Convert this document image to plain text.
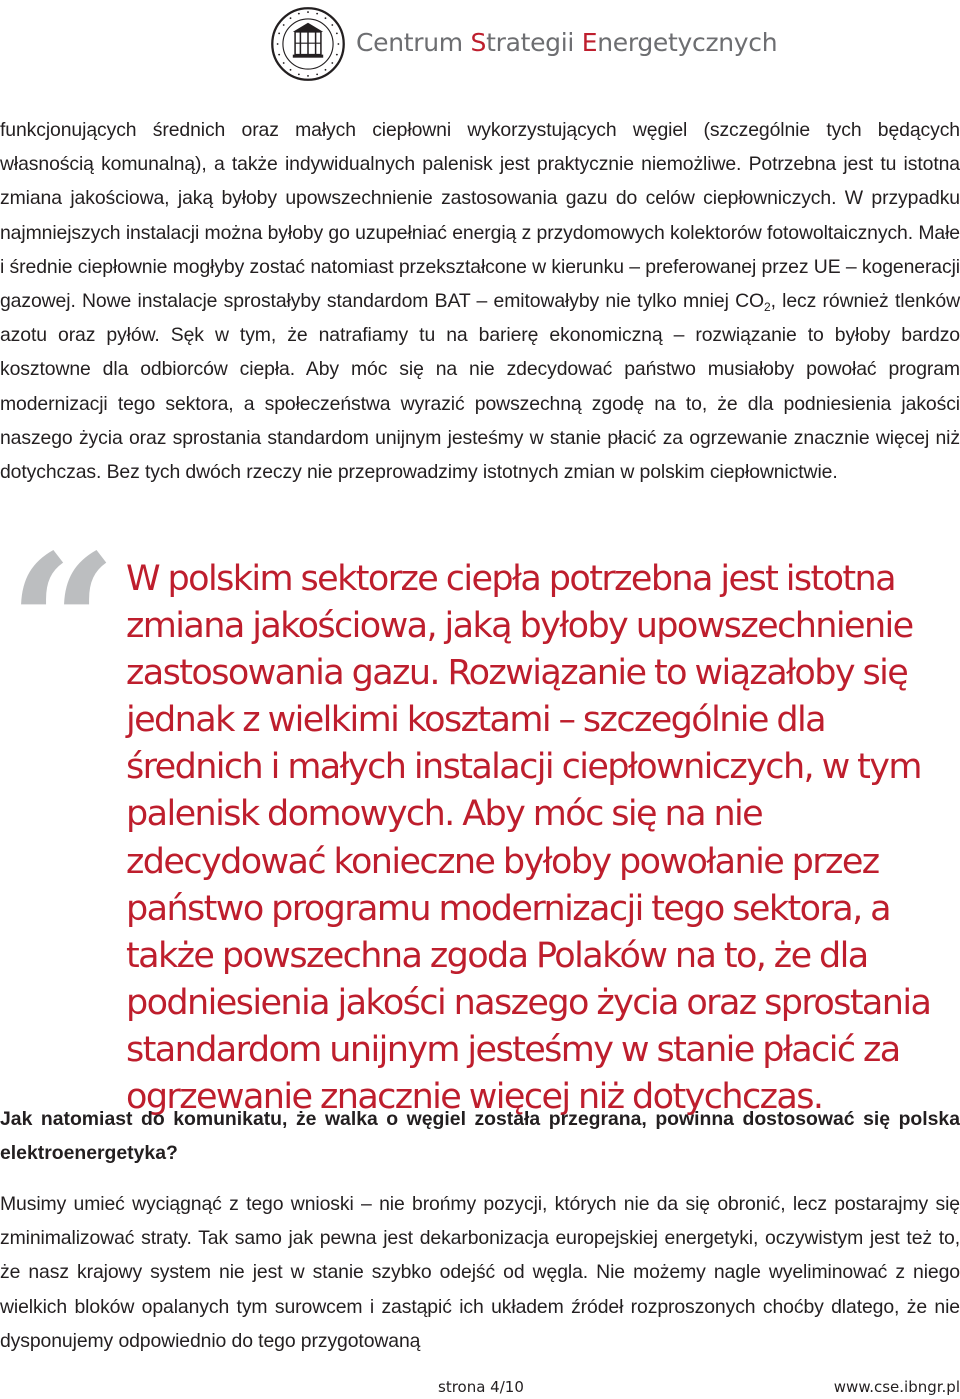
Centrum Strategii Energetycznych

funkcjonujących średnich oraz małych ciepłowni wykorzystujących węgiel (szczególnie tych będących własnością komunalną), a także indywidualnych palenisk jest praktycznie niemożliwe. Potrzebna jest tu istotna zmiana jakościowa, jaką byłoby upowszechnienie zastosowania gazu do celów ciepłowniczych. W przypadku najmniejszych instalacji można byłoby go uzupełniać energią z przydomowych kolektorów fotowoltaicznych. Małe i średnie ciepłownie mogłyby zostać natomiast przekształcone w kierunku – preferowanej przez UE – kogeneracji gazowej. Nowe instalacje sprostałyby standardom BAT – emitowałyby nie tylko mniej $CO_2$, lecz również tlenków azotu oraz pyłów. Sęk w tym, że natrafiamy tu na barierę ekonomiczną – rozwiązanie to byłoby bardzo kosztowne dla odbiorców ciepła. Aby móc się na nie zdecydować państwo musiałoby powołać program modernizacji tego sektora, a społeczeństwa wyrazić powszechną zgodę na to, że dla podniesienia jakości naszego życia oraz sprostania standardom unijnym jesteśmy w stanie płacić za ogrzewanie znacznie więcej niż dotychczas. Bez tych dwóch rzeczy nie przeprowadzimy istotnych zmian w polskim ciepłownictwie.

“ W polskim sektorze ciepła potrzebna jest istotna zmiana jakościowa, jaką byłoby upowszechnienie zastosowania gazu. Rozwiązanie to wiązałoby się jednak z wielkimi kosztami – szczególnie dla średnich i małych instalacji ciepłowniczych, w tym palenisk domowych. Aby móc się na nie zdecydować konieczne byłoby powołanie przez państwo programu modernizacji tego sektora, a także powszechna zgoda Polaków na to, że dla podniesienia jakości naszego życia oraz sprostania standardom unijnym jesteśmy w stanie płacić za ogrzewanie znacznie więcej niż dotychczas.

Jak natomiast do komunikatu, że walka o węgiel została przegrana, powinna dostosować się polska elektroenergetyka?

Musimy umieć wyciągnąć z tego wnioski – nie brońmy pozycji, których nie da się obronić, lecz postarajmy się zminimalizować straty. Tak samo jak pewna jest dekarbonizacja europejskiej energetyki, oczywistym jest też to, że nasz krajowy system nie jest w stanie szybko odejść od węgla. Nie możemy nagle wyeliminować z niego wielkich bloków opalanych tym surowcem i zastąpić ich układem źródeł rozproszonych choćby dlatego, że nie dysponujemy odpowiednio do tego przygotowaną

strona 4/10	www.cse.ibngr.pl
